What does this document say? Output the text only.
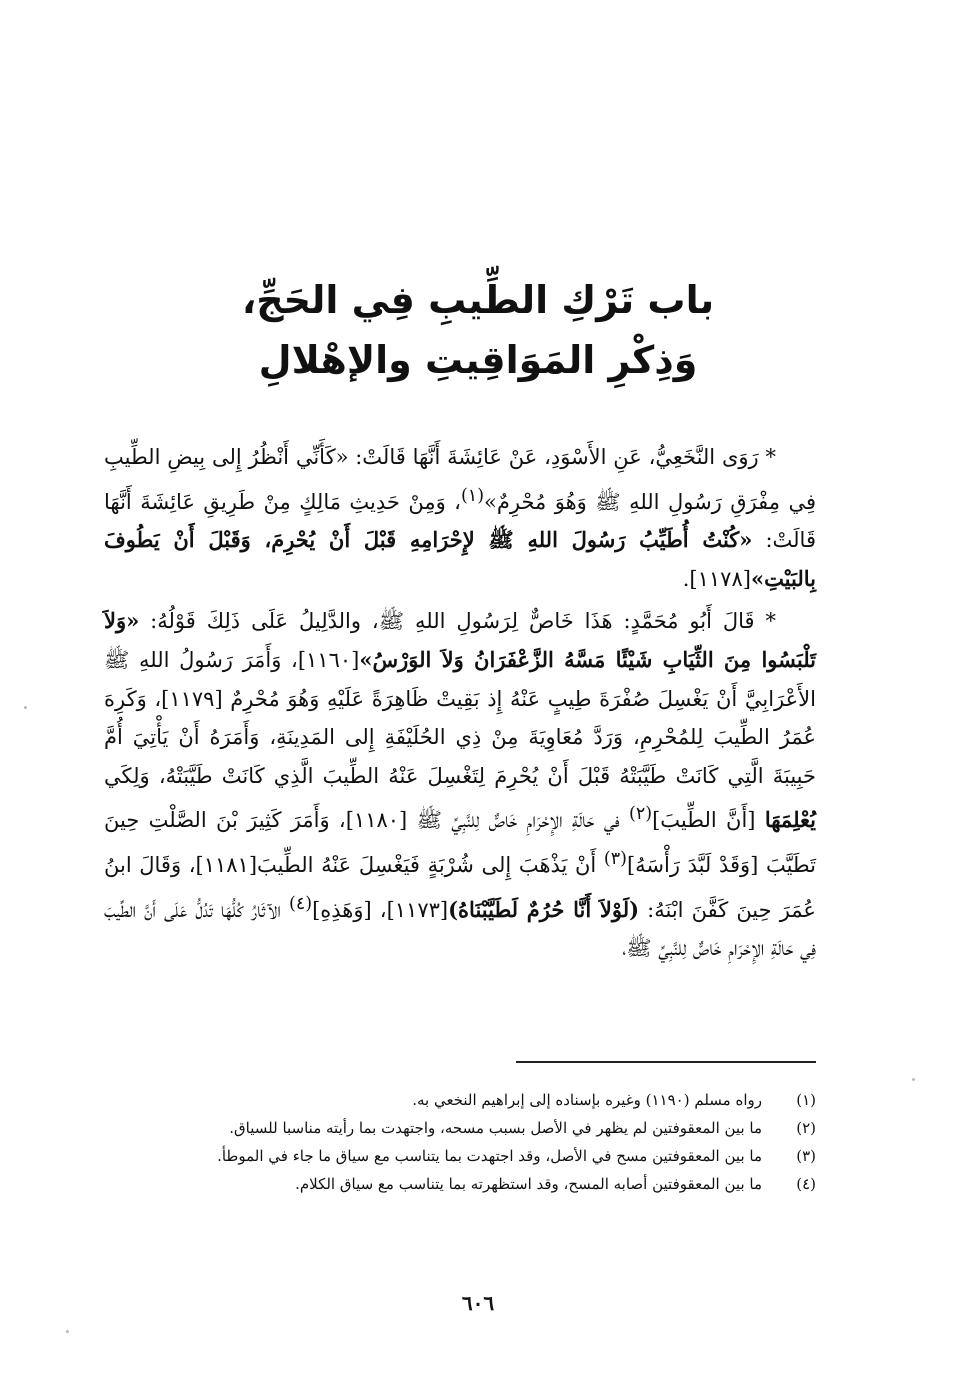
باب تَرْكِ الطِّيبِ فِي الحَجِّ،
وَذِكْرِ المَوَاقِيتِ والإهْلالِ

* رَوَى النَّخَعِيُّ، عَنِ الأَسْوَدِ، عَنْ عَائِشَةَ أَنَّهَا قَالَتْ: «كَأَنِّي أَنْظُرُ إِلى بِيضِ الطِّيبِ فِي مِفْرَقِ رَسُولِ اللهِ ﷺ وَهُوَ مُحْرِمٌ»$^{(١)}$، وَمِنْ حَدِيثِ مَالِكٍ مِنْ طَرِيقِ عَائِشَةَ أَنَّهَا قَالَتْ: «كُنْتُ أُطَيِّبُ رَسُولَ اللهِ ﷺ لإِحْرَامِهِ قَبْلَ أَنْ يُحْرِمَ، وَقَبْلَ أَنْ يَطُوفَ بِالبَيْتِ»[١١٧٨].

* قَالَ أَبُو مُحَمَّدٍ: هَذَا خَاصٌّ لِرَسُولِ اللهِ ﷺ، والدَّلِيلُ عَلَى ذَلِكَ قَوْلُهُ: «وَلاَ تَلْبَسُوا مِنَ الثِّيَابِ شَيْئًا مَسَّهُ الزَّعْفَرَانُ وَلاَ الوَرْسُ»[١١٦٠]، وَأَمَرَ رَسُولُ اللهِ ﷺ الأَعْرَابِيَّ أَنْ يَغْسِلَ صُفْرَةَ طِيبٍ عَنْهُ إِذ بَقِيتْ ظَاهِرَةً عَلَيْهِ وَهُوَ مُحْرِمٌ [١١٧٩]، وَكَرِهَ عُمَرُ الطِّيبَ لِلمُحْرِمِ، وَرَدَّ مُعَاوِيَةَ مِنْ ذِي الحُلَيْفَةِ إِلى المَدِينَةِ، وَأَمَرَهُ أَنْ يَأْتِيَ أُمَّ حَبِيبَةَ الَّتِي كَانَتْ طَيَّبَتْهُ قَبْلَ أَنْ يُحْرِمَ لِتَغْسِلَ عَنْهُ الطِّيبَ الَّذِي كَانَتْ طَيَّبَتْهُ، وَلِكَي يُعْلِمَهَا [أَنَّ الطِّيبَ]$^{(٢)}$ في حَالَةِ الإِحْرَامِ خَاصٌّ لِلنَّبِيِّ ﷺ [١١٨٠]، وَأَمَرَ كَثِيرَ بْنَ الصَّلْتِ حِينَ تَطَيَّبَ [وَقَدْ لَبَّدَ رَأْسَهُ]$^{(٣)}$ أَنْ يَذْهَبَ إِلى شُرْبَةٍ فَيَغْسِلَ عَنْهُ الطِّيبَ[١١٨١]، وَقَالَ ابنُ عُمَرَ حِينَ كَفَّنَ ابْنَهُ: (لَوْلاَ أَنَّا حُرُمٌ لَطَيَّبْنَاهُ)[١١٧٣]، [وَهَذِهِ]$^{(٤)}$ الآثَارُ كُلُّهَا تَدُلُّ عَلَى أَنَّ الطِّيبَ فِي حَالَةِ الإِحْرَامِ خَاصٌّ لِلنَّبِيِّ ﷺ،

(١)
رواه مسلم (١١٩٠) وغيره بإسناده إلى إبراهيم النخعي به.
(٢)
ما بين المعقوفتين لم يظهر في الأصل بسبب مسحه، واجتهدت بما رأيته مناسبا للسياق.
(٣)
ما بين المعقوفتين مسح في الأصل، وقد اجتهدت بما يتناسب مع سياق ما جاء في الموطأ.
(٤)
ما بين المعقوفتين أصابه المسح، وقد استظهرته بما يتناسب مع سياق الكلام.
٦٠٦
